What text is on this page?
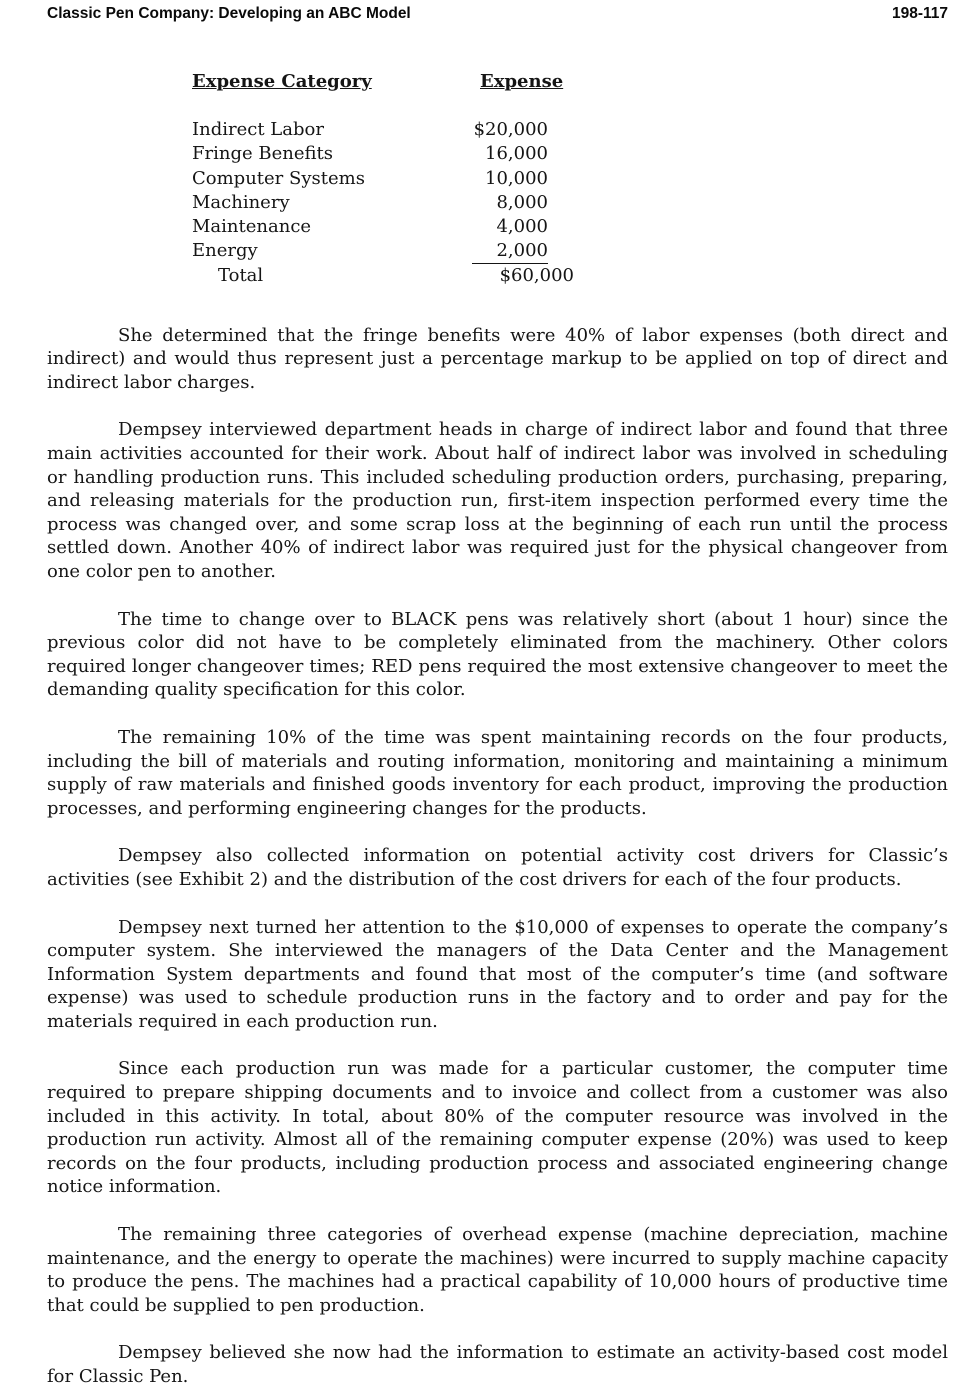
Classic Pen Company: Developing an ABC Model	198-117
Expense Category	Expense
Indirect Labor	$20,000
Fringe Benefits	16,000
Computer Systems	10,000
Machinery	8,000
Maintenance	4,000
Energy	2,000
Total	$60,000

She determined that the fringe benefits were 40% of labor expenses (both direct and indirect) and would thus represent just a percentage markup to be applied on top of direct and indirect labor charges.

Dempsey interviewed department heads in charge of indirect labor and found that three main activities accounted for their work. About half of indirect labor was involved in scheduling or handling production runs. This included scheduling production orders, purchasing, preparing, and releasing materials for the production run, first-item inspection performed every time the process was changed over, and some scrap loss at the beginning of each run until the process settled down. Another 40% of indirect labor was required just for the physical changeover from one color pen to another.

The time to change over to BLACK pens was relatively short (about 1 hour) since the previous color did not have to be completely eliminated from the machinery. Other colors required longer changeover times; RED pens required the most extensive changeover to meet the demanding quality specification for this color.

The remaining 10% of the time was spent maintaining records on the four products, including the bill of materials and routing information, monitoring and maintaining a minimum supply of raw materials and finished goods inventory for each product, improving the production processes, and performing engineering changes for the products.

Dempsey also collected information on potential activity cost drivers for Classic’s activities (see Exhibit 2) and the distribution of the cost drivers for each of the four products.

Dempsey next turned her attention to the $10,000 of expenses to operate the company’s computer system. She interviewed the managers of the Data Center and the Management Information System departments and found that most of the computer’s time (and software expense) was used to schedule production runs in the factory and to order and pay for the materials required in each production run.

Since each production run was made for a particular customer, the computer time required to prepare shipping documents and to invoice and collect from a customer was also included in this activity. In total, about 80% of the computer resource was involved in the production run activity. Almost all of the remaining computer expense (20%) was used to keep records on the four products, including production process and associated engineering change notice information.

The remaining three categories of overhead expense (machine depreciation, machine maintenance, and the energy to operate the machines) were incurred to supply machine capacity to produce the pens. The machines had a practical capability of 10,000 hours of productive time that could be supplied to pen production.

Dempsey believed she now had the information to estimate an activity-based cost model for Classic Pen.
